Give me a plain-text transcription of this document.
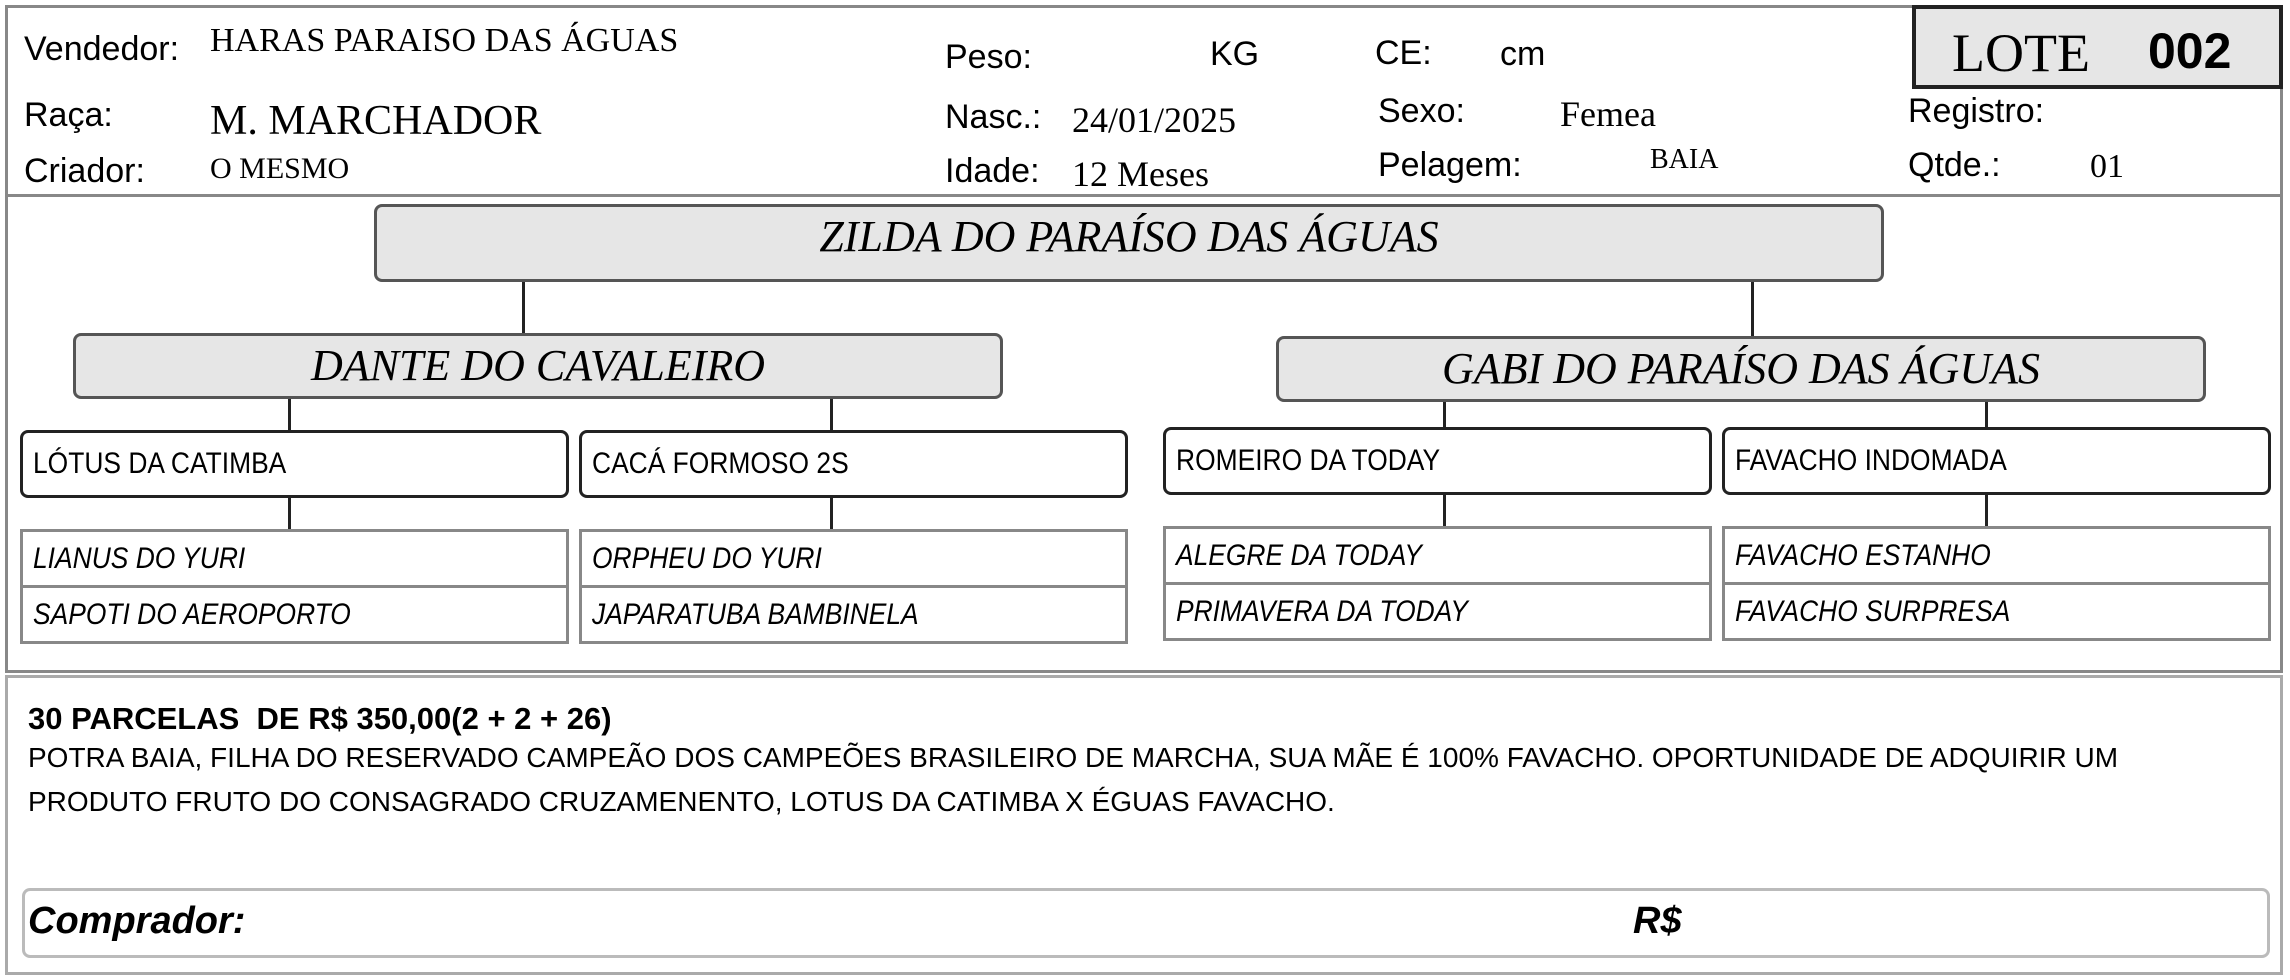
Vendedor: HARAS PARAISO DAS ÁGUAS
Raça: M. MARCHADOR
Criador: O MESMO
Peso:	KG
Nasc.: 24/01/2025
Idade: 12 Meses
CE: cm
Sexo:	Femea
Pelagem:	BAIA
LOTE 002
Registro:
Qtde.:	01
ZILDA DO PARAÍSO DAS ÁGUAS
DANTE DO CAVALEIRO	GABI DO PARAÍSO DAS ÁGUAS
LÓTUS DA CATIMBA	CACÁ FORMOSO 2S	ROMEIRO DA TODAY	FAVACHO INDOMADA
LIANUS DO YURI
SAPOTI DO AEROPORTO
ORPHEU DO YURI
JAPARATUBA BAMBINELA
ALEGRE DA TODAY
PRIMAVERA DA TODAY
FAVACHO ESTANHO
FAVACHO SURPRESA
30 PARCELAS  DE R$ 350,00(2 + 2 + 26)
POTRA BAIA, FILHA DO RESERVADO CAMPEÃO DOS CAMPEÕES BRASILEIRO DE MARCHA, SUA MÃE É 100% FAVACHO. OPORTUNIDADE DE ADQUIRIR UM
PRODUTO FRUTO DO CONSAGRADO CRUZAMENENTO, LOTUS DA CATIMBA X ÉGUAS FAVACHO.
Comprador:	R$
